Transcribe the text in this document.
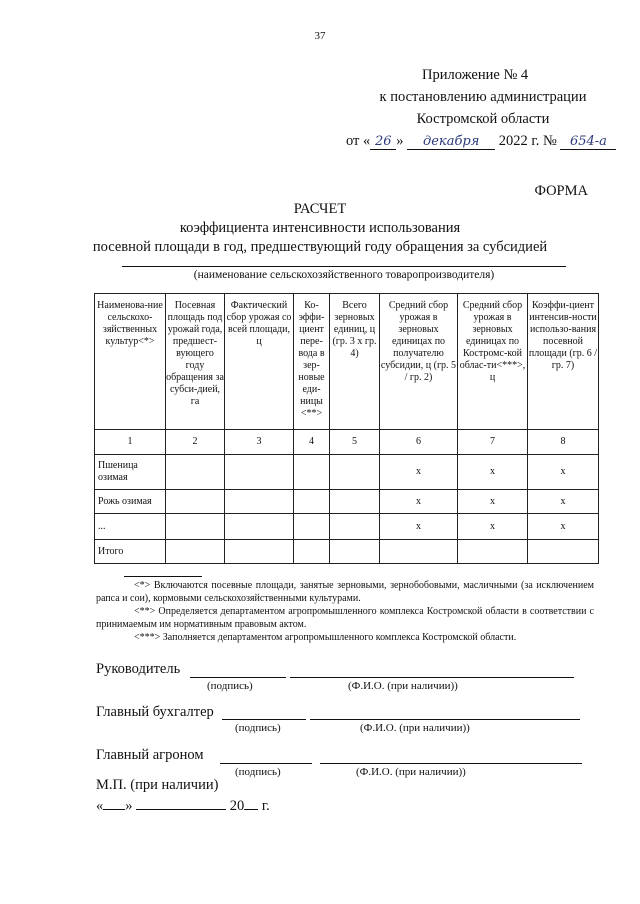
37
Приложение № 4
к постановлению администрации
Костромской области
от « 26 » декабря 2022 г. № 654-а
ФОРМА
РАСЧЕТ
коэффициента интенсивности использования
посевной площади в год, предшествующий году обращения за субсидией
(наименование сельскохозяйственного товаропроизводителя)
Наименова-ние сельскохо-зяйственных культур<*>	Посевная площадь под урожай года, предшест-вующего году обращения за субси-дией, га	Фактический сбор урожая со всей площади, ц	Ко-эффи-циент пере-вода в зер-новые еди-ницы <**>	Всего зерновых единиц, ц (гр. 3 х гр. 4)	Средний сбор урожая в зерновых единицах по получателю субсидии, ц (гр. 5 / гр. 2)	Средний сбор урожая в зерновых единицах по Костромс-кой облас-ти<***>, ц	Коэффи-циент интенсив-ности использо-вания посевной площади (гр. 6 / гр. 7)
1	2	3	4	5	6	7	8
Пшеница озимая					х	х	х
Рожь озимая					х	х	х
...					х	х	х
Итого							
<*> Включаются посевные площади, занятые зерновыми, зернобобовыми, масличными (за исключением рапса и сои), кормовыми сельскохозяйственными культурами.
<**> Определяется департаментом агропромышленного комплекса Костромской области в соответствии с принимаемым им нормативным правовым актом.
<***> Заполняется департаментом агропромышленного комплекса Костромской области.
Руководитель
(подпись)	(Ф.И.О. (при наличии))
Главный бухгалтер
(подпись)	(Ф.И.О. (при наличии))
Главный агроном
(подпись)	(Ф.И.О. (при наличии))
М.П. (при наличии)
« »	20 г.
